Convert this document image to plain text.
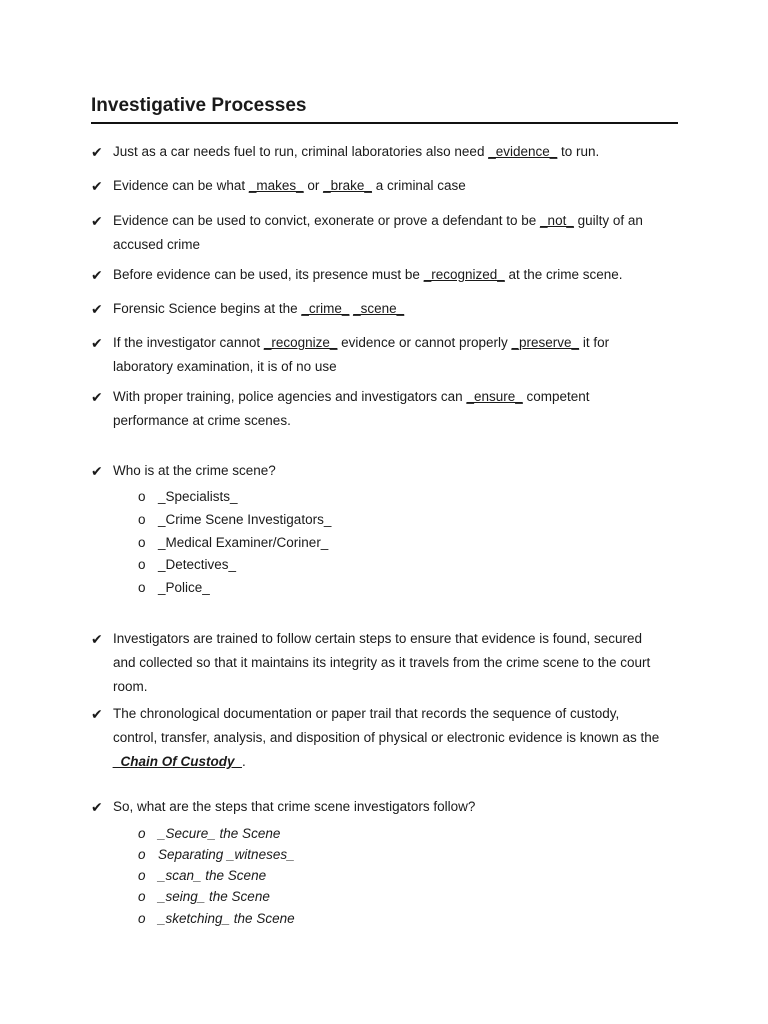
Investigative Processes
✔ Just as a car needs fuel to run, criminal laboratories also need _evidence_ to run.
✔ Evidence can be what _makes_ or _brake_ a criminal case
✔ Evidence can be used to convict, exonerate or prove a defendant to be _not_ guilty of an
accused crime
✔ Before evidence can be used, its presence must be _recognized_ at the crime scene.
✔ Forensic Science begins at the _crime_ _scene_
✔ If the investigator cannot _recognize_ evidence or cannot properly _preserve_ it for
laboratory examination, it is of no use
✔ With proper training, police agencies and investigators can _ensure_ competent
performance at crime scenes.
✔ Who is at the crime scene?
o _Specialists_
o _Crime Scene Investigators_
o _Medical Examiner/Coriner_
o _Detectives_
o _Police_
✔ Investigators are trained to follow certain steps to ensure that evidence is found, secured
and collected so that it maintains its integrity as it travels from the crime scene to the court
room.
✔ The chronological documentation or paper trail that records the sequence of custody,
control, transfer, analysis, and disposition of physical or electronic evidence is known as the
_Chain Of Custody_.
✔ So, what are the steps that crime scene investigators follow?
o _Secure_ the Scene
o Separating _witneses_
o _scan_ the Scene
o _seing_ the Scene
o _sketching_ the Scene
